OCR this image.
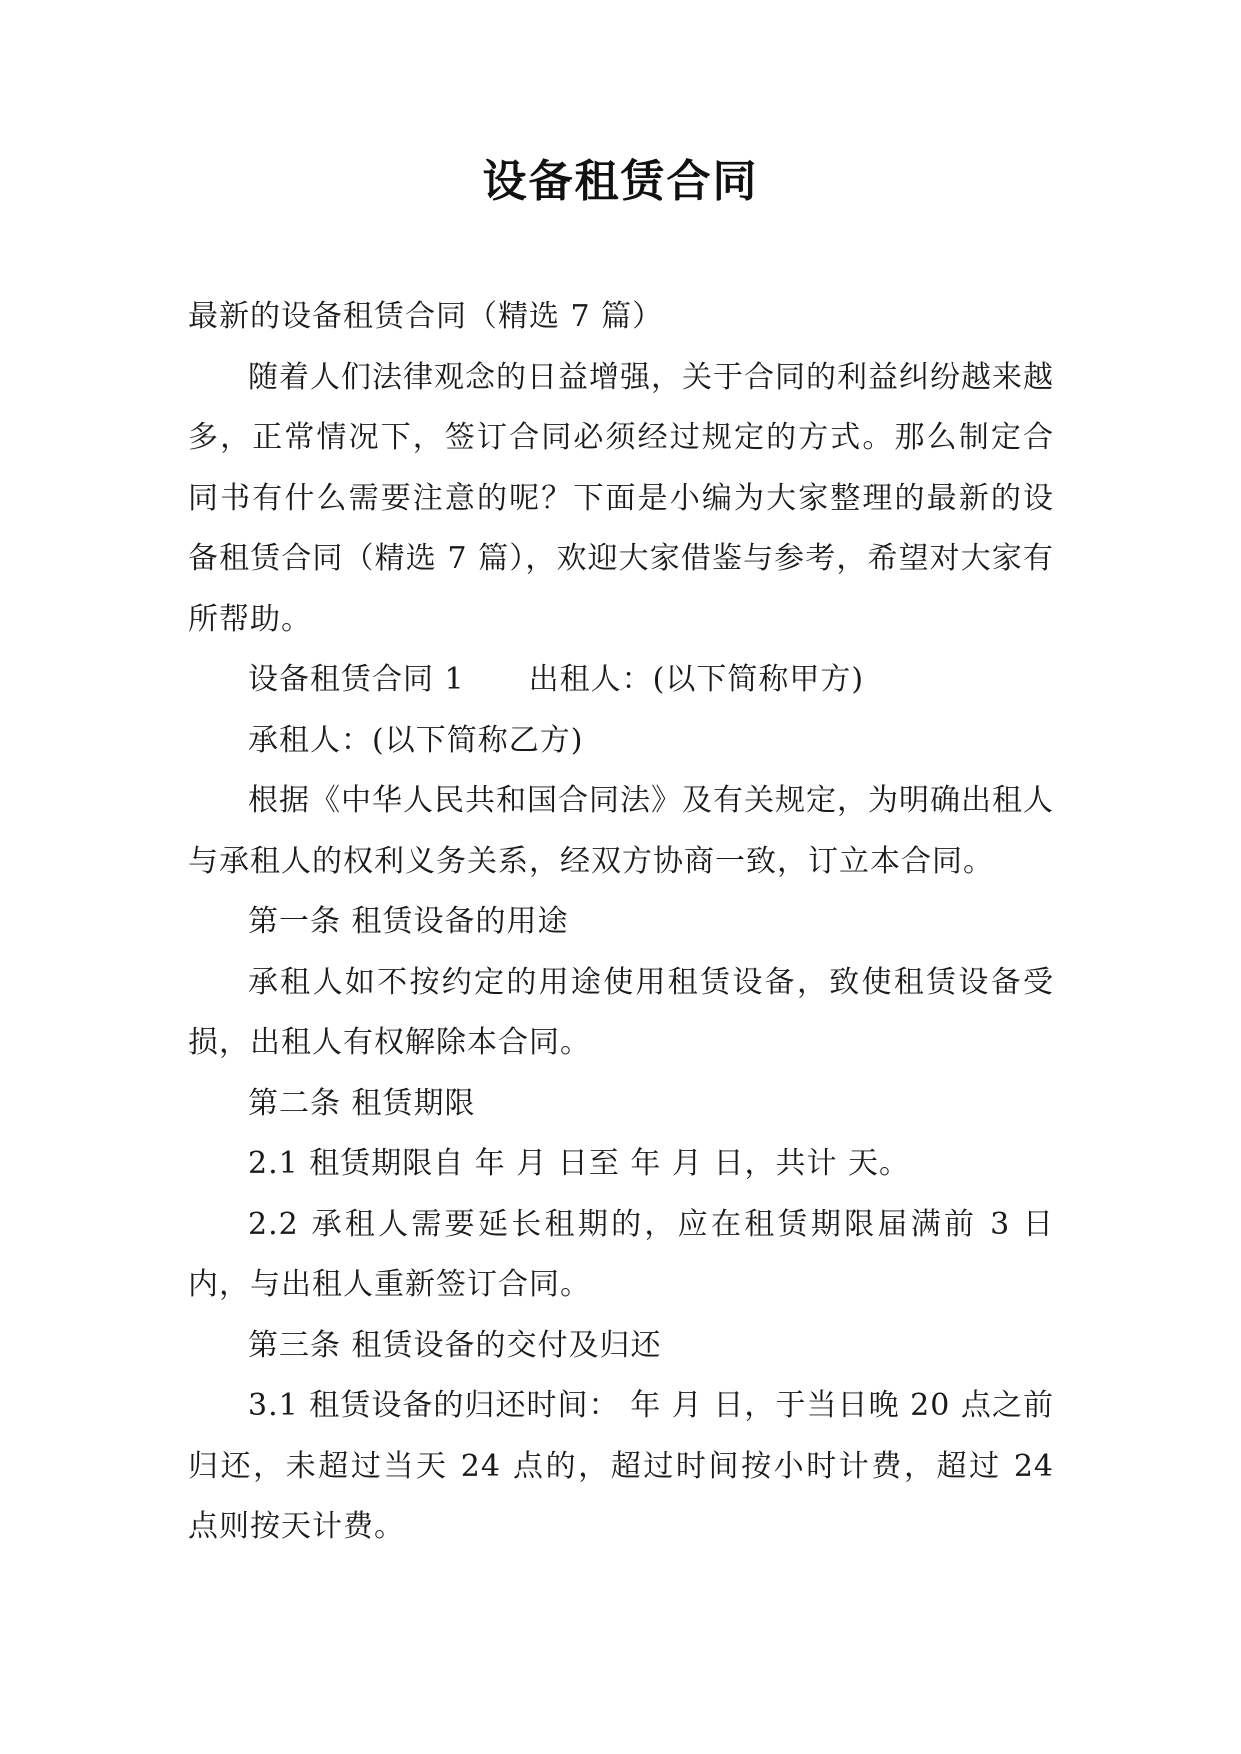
设备租赁合同

最新的设备租赁合同（精选 7 篇）

随着人们法律观念的日益增强，关于合同的利益纠纷越来越多，正常情况下，签订合同必须经过规定的方式。那么制定合同书有什么需要注意的呢？下面是小编为大家整理的最新的设备租赁合同（精选 7 篇），欢迎大家借鉴与参考，希望对大家有所帮助。

设备租赁合同 1 出租人：(以下简称甲方)

承租人：(以下简称乙方)

根据《中华人民共和国合同法》及有关规定，为明确出租人与承租人的权利义务关系，经双方协商一致，订立本合同。

第一条 租赁设备的用途

承租人如不按约定的用途使用租赁设备，致使租赁设备受损，出租人有权解除本合同。

第二条 租赁期限

2.1 租赁期限自 年 月 日至 年 月 日，共计 天。

2.2 承租人需要延长租期的，应在租赁期限届满前 3 日内，与出租人重新签订合同。

第三条 租赁设备的交付及归还

3.1 租赁设备的归还时间： 年 月 日，于当日晚 20 点之前归还，未超过当天 24 点的，超过时间按小时计费，超过 24 点则按天计费。
